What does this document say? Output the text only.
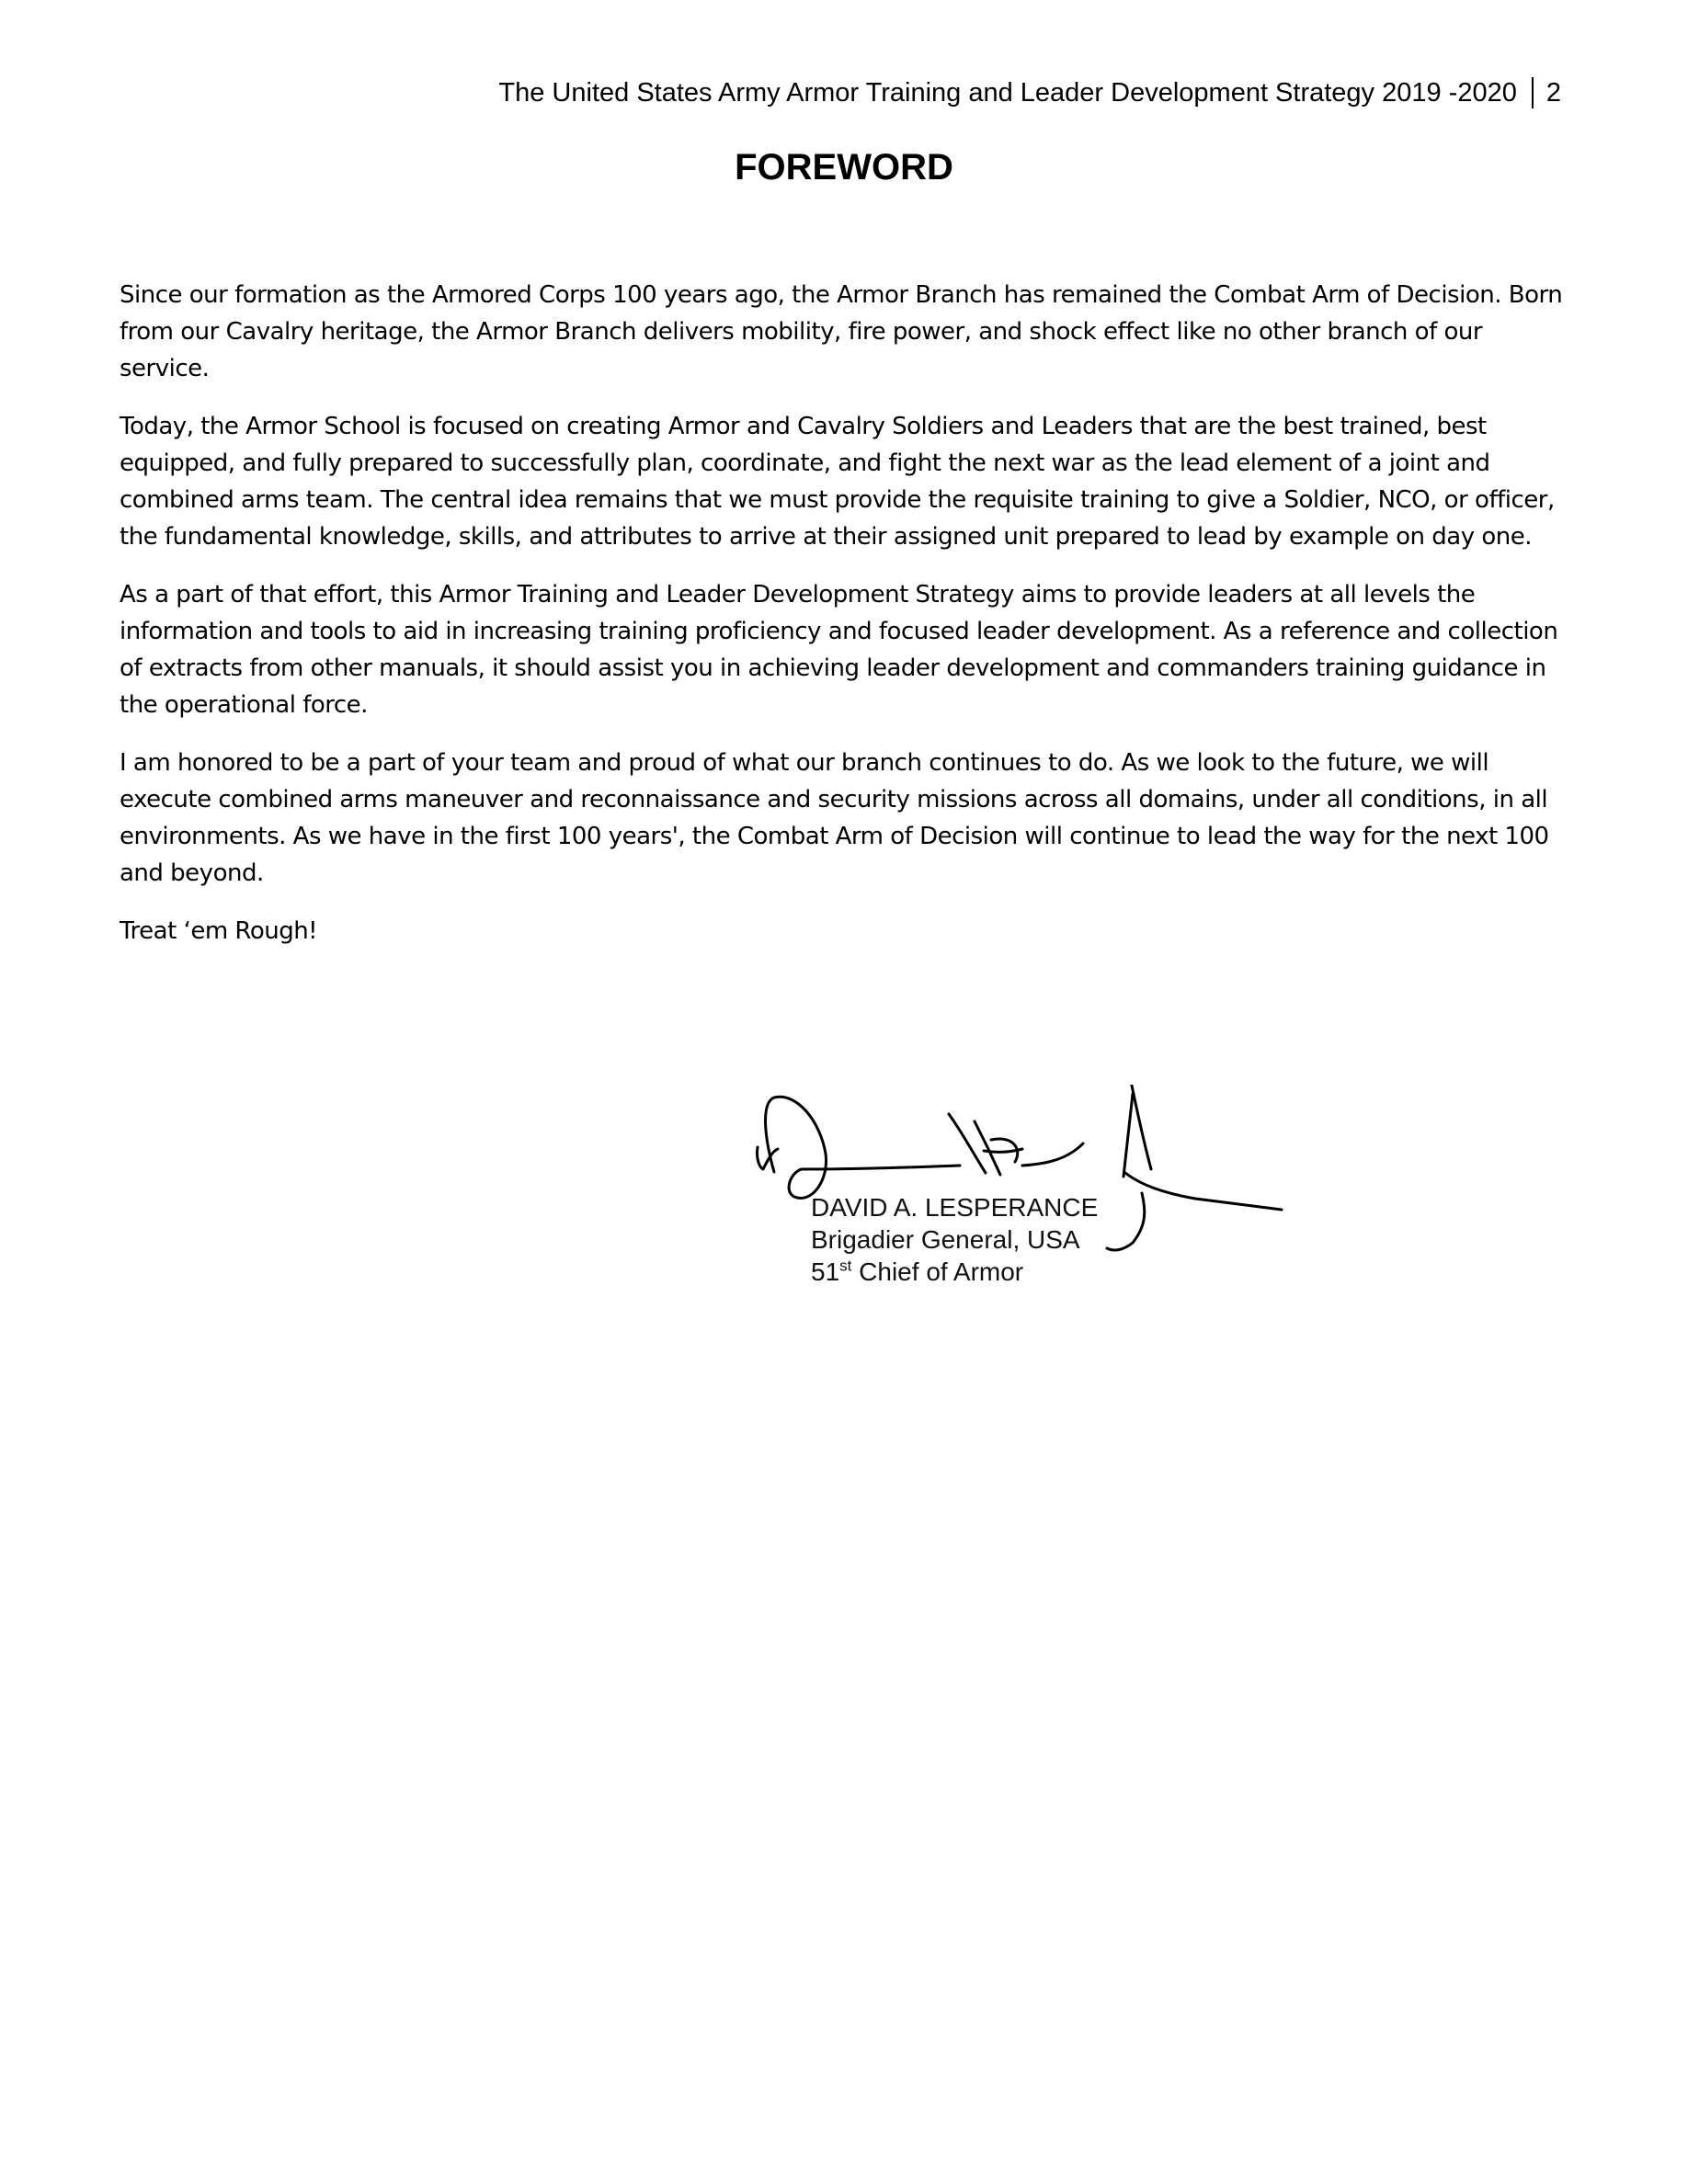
The United States Army Armor Training and Leader Development Strategy 2019 -2020 2
FOREWORD

Since our formation as the Armored Corps 100 years ago, the Armor Branch has remained the Combat Arm of Decision. Born from our Cavalry heritage, the Armor Branch delivers mobility, fire power, and shock effect like no other branch of our service.

Today, the Armor School is focused on creating Armor and Cavalry Soldiers and Leaders that are the best trained, best equipped, and fully prepared to successfully plan, coordinate, and fight the next war as the lead element of a joint and combined arms team. The central idea remains that we must provide the requisite training to give a Soldier, NCO, or officer, the fundamental knowledge, skills, and attributes to arrive at their assigned unit prepared to lead by example on day one.

As a part of that effort, this Armor Training and Leader Development Strategy aims to provide leaders at all levels the information and tools to aid in increasing training proficiency and focused leader development. As a reference and collection of extracts from other manuals, it should assist you in achieving leader development and commanders training guidance in the operational force.

I am honored to be a part of your team and proud of what our branch continues to do. As we look to the future, we will execute combined arms maneuver and reconnaissance and security missions across all domains, under all conditions, in all environments. As we have in the first 100 years', the Combat Arm of Decision will continue to lead the way for the next 100 and beyond.

Treat ‘em Rough!

DAVID A. LESPERANCE
Brigadier General, USA
51st Chief of Armor
